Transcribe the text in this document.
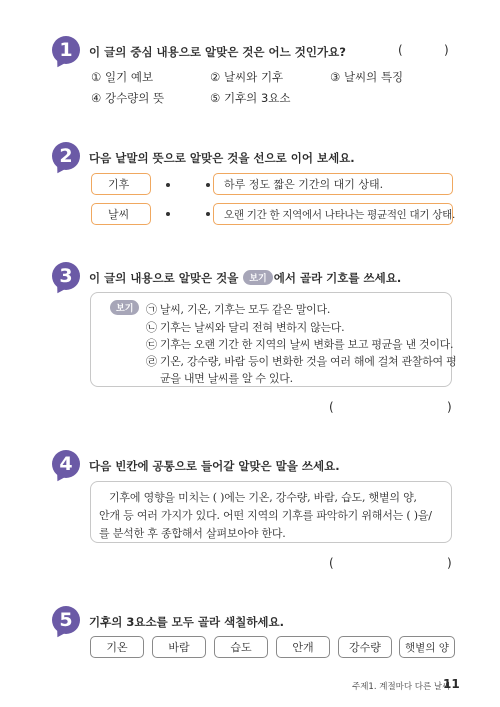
1 이 글의 중심 내용으로 알맞은 것은 어느 것인가요?	(	)
① 일기 예보	② 날씨와 기후	③ 날씨의 특징
④ 강수량의 뜻	⑤ 기후의 3요소
2 다음 낱말의 뜻으로 알맞은 것을 선으로 이어 보세요.
기후	하루 정도 짧은 기간의 대기 상태.
날씨	오랜 기간 한 지역에서 나타나는 평균적인 대기 상태.
3 이 글의 내용으로 알맞은 것을 보기 에서 골라 기호를 쓰세요.
보기	㉠ 날씨, 기온, 기후는 모두 같은 말이다.
㉡ 기후는 날씨와 달리 전혀 변하지 않는다.
㉢ 기후는 오랜 기간 한 지역의 날씨 변화를 보고 평균을 낸 것이다.
㉣ 기온, 강수량, 바람 등이 변화한 것을 여러 해에 걸쳐 관찰하여 평
균을 내면 날씨를 알 수 있다.
(	)
4 다음 빈칸에 공통으로 들어갈 알맞은 말을 쓰세요.
기후에 영향을 미치는 ( )에는 기온, 강수량, 바람, 습도, 햇볕의 양,
안개 등 여러 가지가 있다. 어떤 지역의 기후를 파악하기 위해서는 ( )을/
를 분석한 후 종합해서 살펴보아야 한다.
(	)
5 기후의 3요소를 모두 골라 색칠하세요.
기온	바람	습도	안개	강수량	햇볕의 양
주제1. 계절마다 다른 날씨
11
